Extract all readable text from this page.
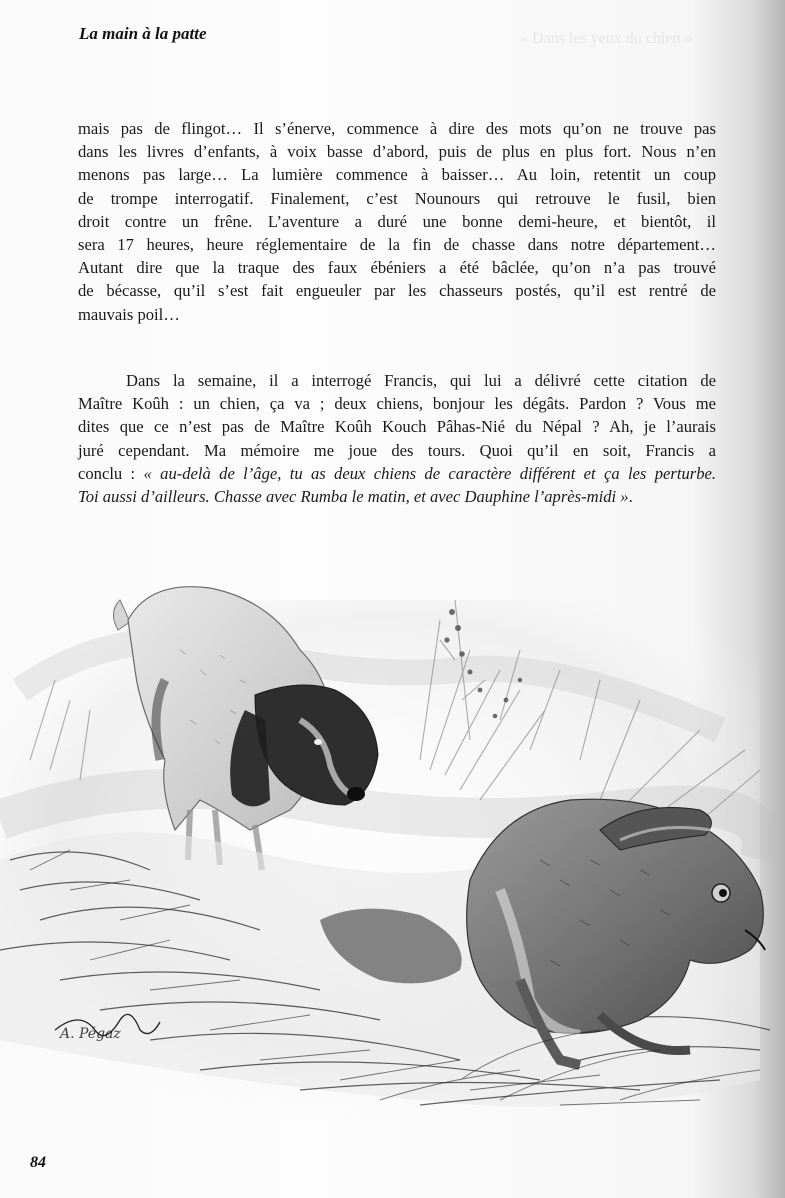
« Dans les yeux du chien »
La main à la patte
mais pas de flingot… Il s’énerve, commence à dire des mots qu’on ne trouve pas
dans les livres d’enfants, à voix basse d’abord, puis de plus en plus fort. Nous n’en
menons pas large… La lumière commence à baisser… Au loin, retentit un coup
de trompe interrogatif. Finalement, c’est Nounours qui retrouve le fusil, bien
droit contre un frêne. L’aventure a duré une bonne demi-heure, et bientôt, il
sera 17 heures, heure réglementaire de la fin de chasse dans notre département…
Autant dire que la traque des faux ébéniers a été bâclée, qu’on n’a pas trouvé
de bécasse, qu’il s’est fait engueuler par les chasseurs postés, qu’il est rentré de
mauvais poil…
Dans la semaine, il a interrogé Francis, qui lui a délivré cette citation de
Maître Koûh : un chien, ça va ; deux chiens, bonjour les dégâts. Pardon ? Vous me
dites que ce n’est pas de Maître Koûh Kouch Pâhas-Nié du Népal ? Ah, je l’aurais
juré cependant. Ma mémoire me joue des tours. Quoi qu’il en soit, Francis a
conclu : « au-delà de l’âge, tu as deux chiens de caractère différent et ça les perturbe.
Toi aussi d’ailleurs. Chasse avec Rumba le matin, et avec Dauphine l’après-midi ».
A. Pégaz
84
